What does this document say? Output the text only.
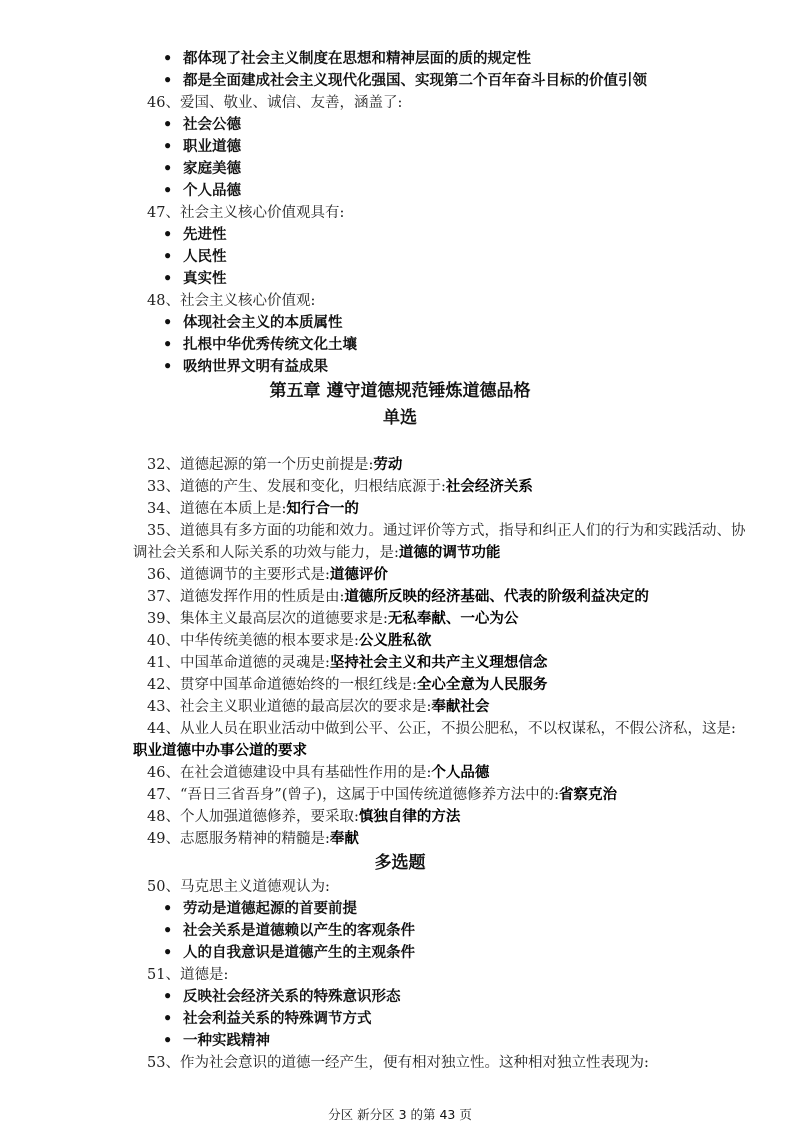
• 都体现了社会主义制度在思想和精神层面的质的规定性
• 都是全面建成社会主义现代化强国、实现第二个百年奋斗目标的价值引领
46、爱国、敬业、诚信、友善，涵盖了:
• 社会公德
• 职业道德
• 家庭美德
• 个人品德
47、社会主义核心价值观具有:
• 先进性
• 人民性
• 真实性
48、社会主义核心价值观:
• 体现社会主义的本质属性
• 扎根中华优秀传统文化土壤
• 吸纳世界文明有益成果
第五章 遵守道德规范锤炼道德品格
单选
32、道德起源的第一个历史前提是:劳动
33、道德的产生、发展和变化，归根结底源于:社会经济关系
34、道德在本质上是:知行合一的
35、道德具有多方面的功能和效力。通过评价等方式，指导和纠正人们的行为和实践活动、协
调社会关系和人际关系的功效与能力，是:道德的调节功能
36、道德调节的主要形式是:道德评价
37、道德发挥作用的性质是由:道德所反映的经济基础、代表的阶级利益决定的
39、集体主义最高层次的道德要求是:无私奉献、一心为公
40、中华传统美德的根本要求是:公义胜私欲
41、中国革命道德的灵魂是:坚持社会主义和共产主义理想信念
42、贯穿中国革命道德始终的一根红线是:全心全意为人民服务
43、社会主义职业道德的最高层次的要求是:奉献社会
44、从业人员在职业活动中做到公平、公正，不损公肥私，不以权谋私，不假公济私，这是:
职业道德中办事公道的要求
46、在社会道德建设中具有基础性作用的是:个人品德
47、“吾日三省吾身”(曾子)，这属于中国传统道德修养方法中的:省察克治
48、个人加强道德修养，要采取:慎独自律的方法
49、志愿服务精神的精髓是:奉献
多选题
50、马克思主义道德观认为:
• 劳动是道德起源的首要前提
• 社会关系是道德赖以产生的客观条件
• 人的自我意识是道德产生的主观条件
51、道德是:
• 反映社会经济关系的特殊意识形态
• 社会利益关系的特殊调节方式
• 一种实践精神
53、作为社会意识的道德一经产生，便有相对独立性。这种相对独立性表现为:
分区 新分区 3 的第 43 页
